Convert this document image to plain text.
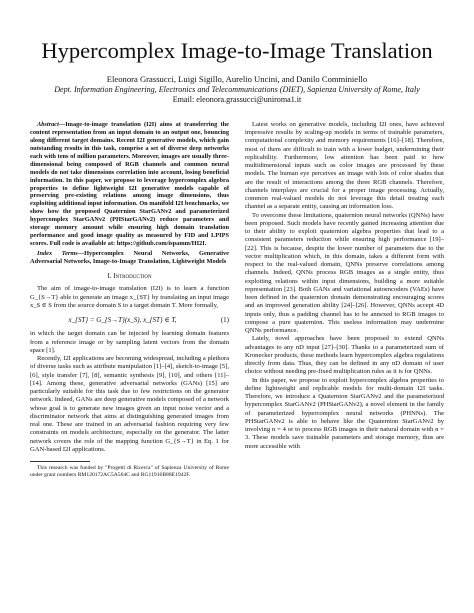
Hypercomplex Image-to-Image Translation
Eleonora Grassucci, Luigi Sigillo, Aurelio Uncini, and Danilo Comminiello
Dept. Information Engineering, Electronics and Telecommunications (DIET), Sapienza University of Rome, Italy
Email: eleonora.grassucci@uniroma1.it

Abstract—Image-to-image translation (I2I) aims at transferring the content representation from an input domain to an output one, bouncing along different target domains. Recent I2I generative models, which gain outstanding results in this task, comprise a set of diverse deep networks each with tens of million parameters. Moreover, images are usually three-dimensional being composed of RGB channels and common neural models do not take dimensions correlation into account, losing beneficial information. In this paper, we propose to leverage hypercomplex algebra properties to define lightweight I2I generative models capable of preserving pre-existing relations among image dimensions, thus exploiting additional input information. On manifold I2I benchmarks, we show how the proposed Quaternion StarGANv2 and parameterized hypercomplex StarGANv2 (PHStarGANv2) reduce parameters and storage memory amount while ensuring high domain translation performance and good image quality as measured by FID and LPIPS scores. Full code is available at: https://github.com/ispamm/HI2I.

Index Terms—Hypercomplex Neural Networks, Generative Adversarial Networks, Image-to-Image Translation, Lightweight Models

I. Introduction

The aim of image-to-image translation (I2I) is to learn a function G_{S→T} able to generate an image x_{ST} by translating an input image x_S ∈ S from the source domain S to a target domain T. More formally,

x_{ST} = G_{S→T}(x_S), x_{ST} ∈ T,	(1)

in which the target domain can be injected by learning domain features from a reference image or by sampling latent vectors from the domain space [1].

Recently, I2I applications are becoming widespread, including a plethora of diverse tasks such as attribute manipulation [1]–[4], sketch-to-image [5], [6], style transfer [7], [8], semantic synthesis [9], [10], and others [11]–[14]. Among these, generative adversarial networks (GANs) [15] are particularly suitable for this task due to few restrictions on the generator network. Indeed, GANs are deep generative models composed of a network whose goal is to generate new images given an input noise vector and a discriminator network that aims at distinguishing generated images from real one. These are trained in an adversarial fashion requiring very few constraints on models architecture, especially on the generator. The latter network covers the role of the mapping function G_{S→T} in Eq. 1 for GAN-based I2I applications.

This research was funded by "Progetti di Ricerca" of Sapienza University of Rome under grant numbers RM120172AC5A564C and RG11916B88E1942F.

Latest works on generative models, including I2I ones, have achieved impressive results by scaling-up models in terms of trainable parameters, computational complexity and memory requirements [16]–[18]. Therefore, most of them are difficult to train with a lower budget, undermining their replicability. Furthermore, low attention has been paid to how multidimensional inputs such as color images are processed by these models. The human eye perceives an image with lots of color shades that are the result of interactions among the three RGB channels. Therefore, channels interplays are crucial for a proper image processing. Actually, common real-valued models do not leverage this detail treating each channel as a separate entity, causing an information loss.

To overcome these limitations, quaternion neural networks (QNNs) have been proposed. Such models have recently gained increasing attention due to their ability to exploit quaternion algebra properties that lead to a consistent parameters reduction while ensuring high performance [19]–[22]. This is because, despite the lower number of parameters due to the vector multiplication which, in this domain, takes a different form with respect to the real-valued domain, QNNs preserve correlations among channels. Indeed, QNNs process RGB images as a single entity, thus exploiting relations within input dimensions, building a more suitable representation [23]. Both GANs and variational autoencoders (VAEs) have been defined in the quaternion domain demonstrating encouraging scores and an improved generation ability [24]–[26]. However, QNNs accept 4D inputs only, thus a padding channel has to be annexed to RGB images to compose a pure quaternion. This useless information may undermine QNNs performance.

Lately, novel approaches have been proposed to extend QNNs advantages to any nD input [27]–[30]. Thanks to a parameterized sum of Kronecker products, these methods learn hypercomplex algebra regulations directly from data. Thus, they can be defined in any nD domain of user choice without needing pre-fixed multiplication rules as it is for QNNs.

In this paper, we propose to exploit hypercomplex algebra properties to define lightweight and replicable models for multi-domain I2I tasks. Therefore, we introduce a Quaternion StarGANv2 and the parameterized hypercomplex StarGANv2 (PHStarGANv2), a novel element in the family of parameterized hypercomplex neural networks (PHNNs). The PHStarGANv2 is able to behave like the Quaternion StarGANv2 by involving n = 4 or to process RGB images in their natural domain with n = 3. These models save trainable parameters and storage memory, thus are more accessible with
